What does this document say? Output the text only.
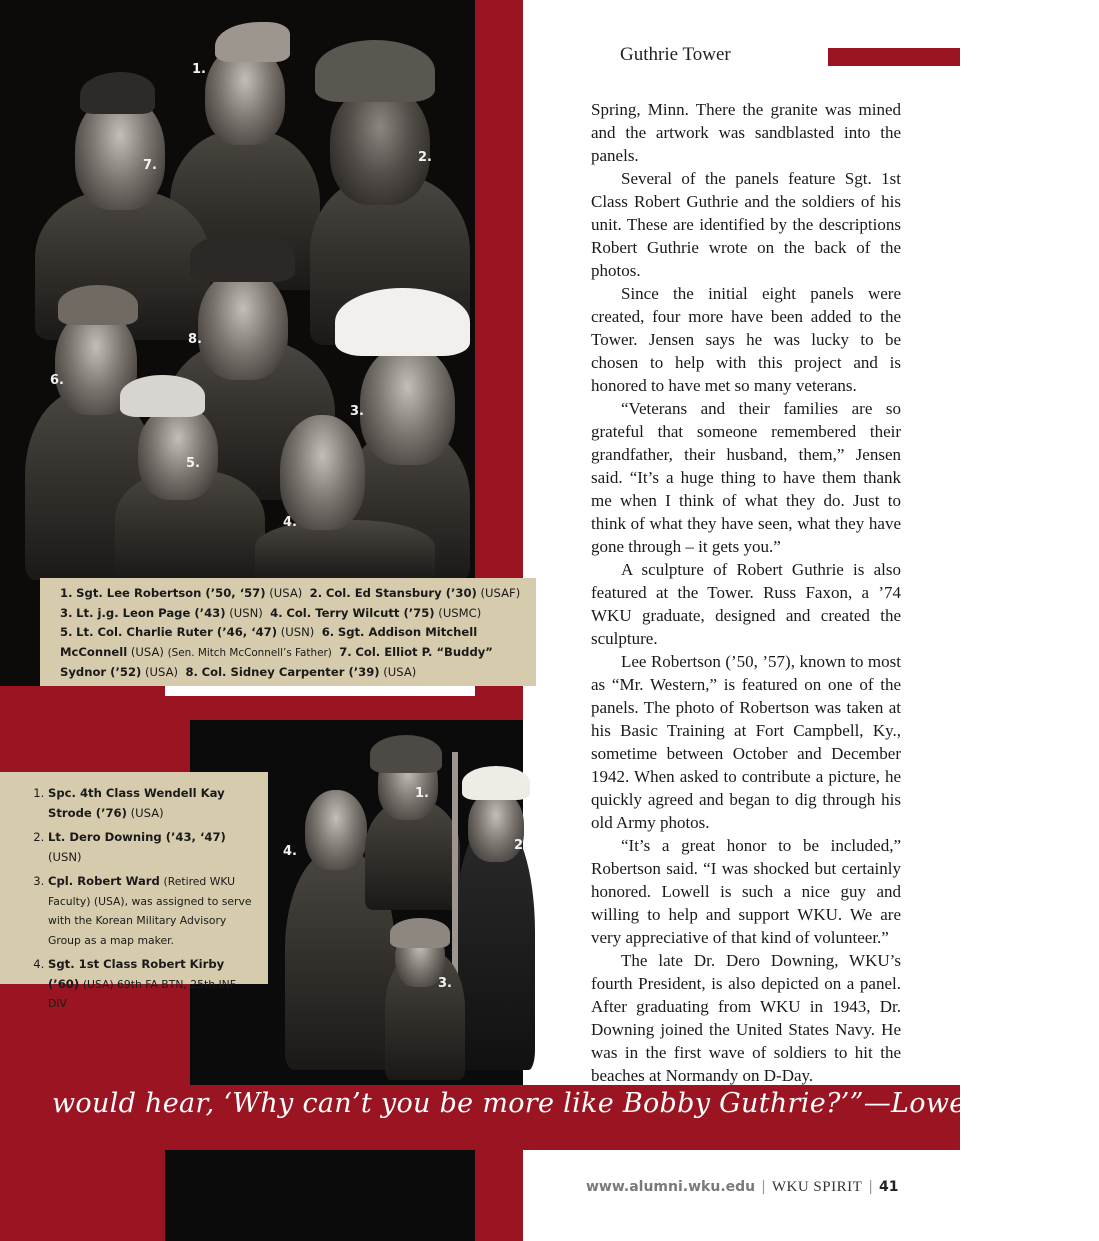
Guthrie Tower
1.
2.
3.
4.
5.
6.
7.
8.
1. Sgt. Lee Robertson (’50, ‘57) (USA) 2. Col. Ed Stansbury (’30) (USAF)
3. Lt. j.g. Leon Page (’43) (USN) 4. Col. Terry Wilcutt (’75) (USMC)
5. Lt. Col. Charlie Ruter (’46, ‘47) (USN) 6. Sgt. Addison Mitchell McConnell (USA) (Sen. Mitch McConnell’s Father) 7. Col. Elliot P. “Buddy” Sydnor (’52) (USA) 8. Col. Sidney Carpenter (’39) (USA)
1.
2.
3.
4.
1. Spc. 4th Class Wendell Kay Strode (’76) (USA)
2. Lt. Dero Downing (’43, ‘47) (USN)
3. Cpl. Robert Ward (Retired WKU Faculty) (USA), was assigned to serve with the Korean Military Advisory Group as a map maker.
4. Sgt. 1st Class Robert Kirby (’60) (USA) 69th FA BTN, 25th INF DIV

Spring, Minn. There the granite was mined and the artwork was sandblasted into the panels.

Several of the panels feature Sgt. 1st Class Robert Guthrie and the soldiers of his unit. These are identified by the descriptions Robert Guthrie wrote on the back of the photos.

Since the initial eight panels were created, four more have been added to the Tower. Jensen says he was lucky to be chosen to help with this project and is honored to have met so many veterans.

“Veterans and their families are so grateful that someone remembered their grandfather, their husband, them,” Jensen said. “It’s a huge thing to have them thank me when I think of what they do. Just to think of what they have seen, what they have gone through – it gets you.”

A sculpture of Robert Guthrie is also featured at the Tower. Russ Faxon, a ’74 WKU graduate, designed and created the sculpture.

Lee Robertson (’50, ’57), known to most as “Mr. Western,” is featured on one of the panels. The photo of Robertson was taken at his Basic Training at Fort Campbell, Ky., sometime between October and December 1942. When asked to contribute a picture, he quickly agreed and began to dig through his old Army photos.

“It’s a great honor to be included,” Robertson said. “I was shocked but certainly honored. Lowell is such a nice guy and willing to help and support WKU. We are very appreciative of that kind of volunteer.”

The late Dr. Dero Downing, WKU’s fourth President, is also depicted on a panel. After graduating from WKU in 1943, Dr. Downing joined the United States Navy. He was in the first wave of soldiers to hit the beaches at Normandy on D-Day.

would hear, ‘Why can’t you be more like Bobby Guthrie?’”—Lowell Guthrie
www.alumni.wku.edu | WKU SPIRIT | 41
